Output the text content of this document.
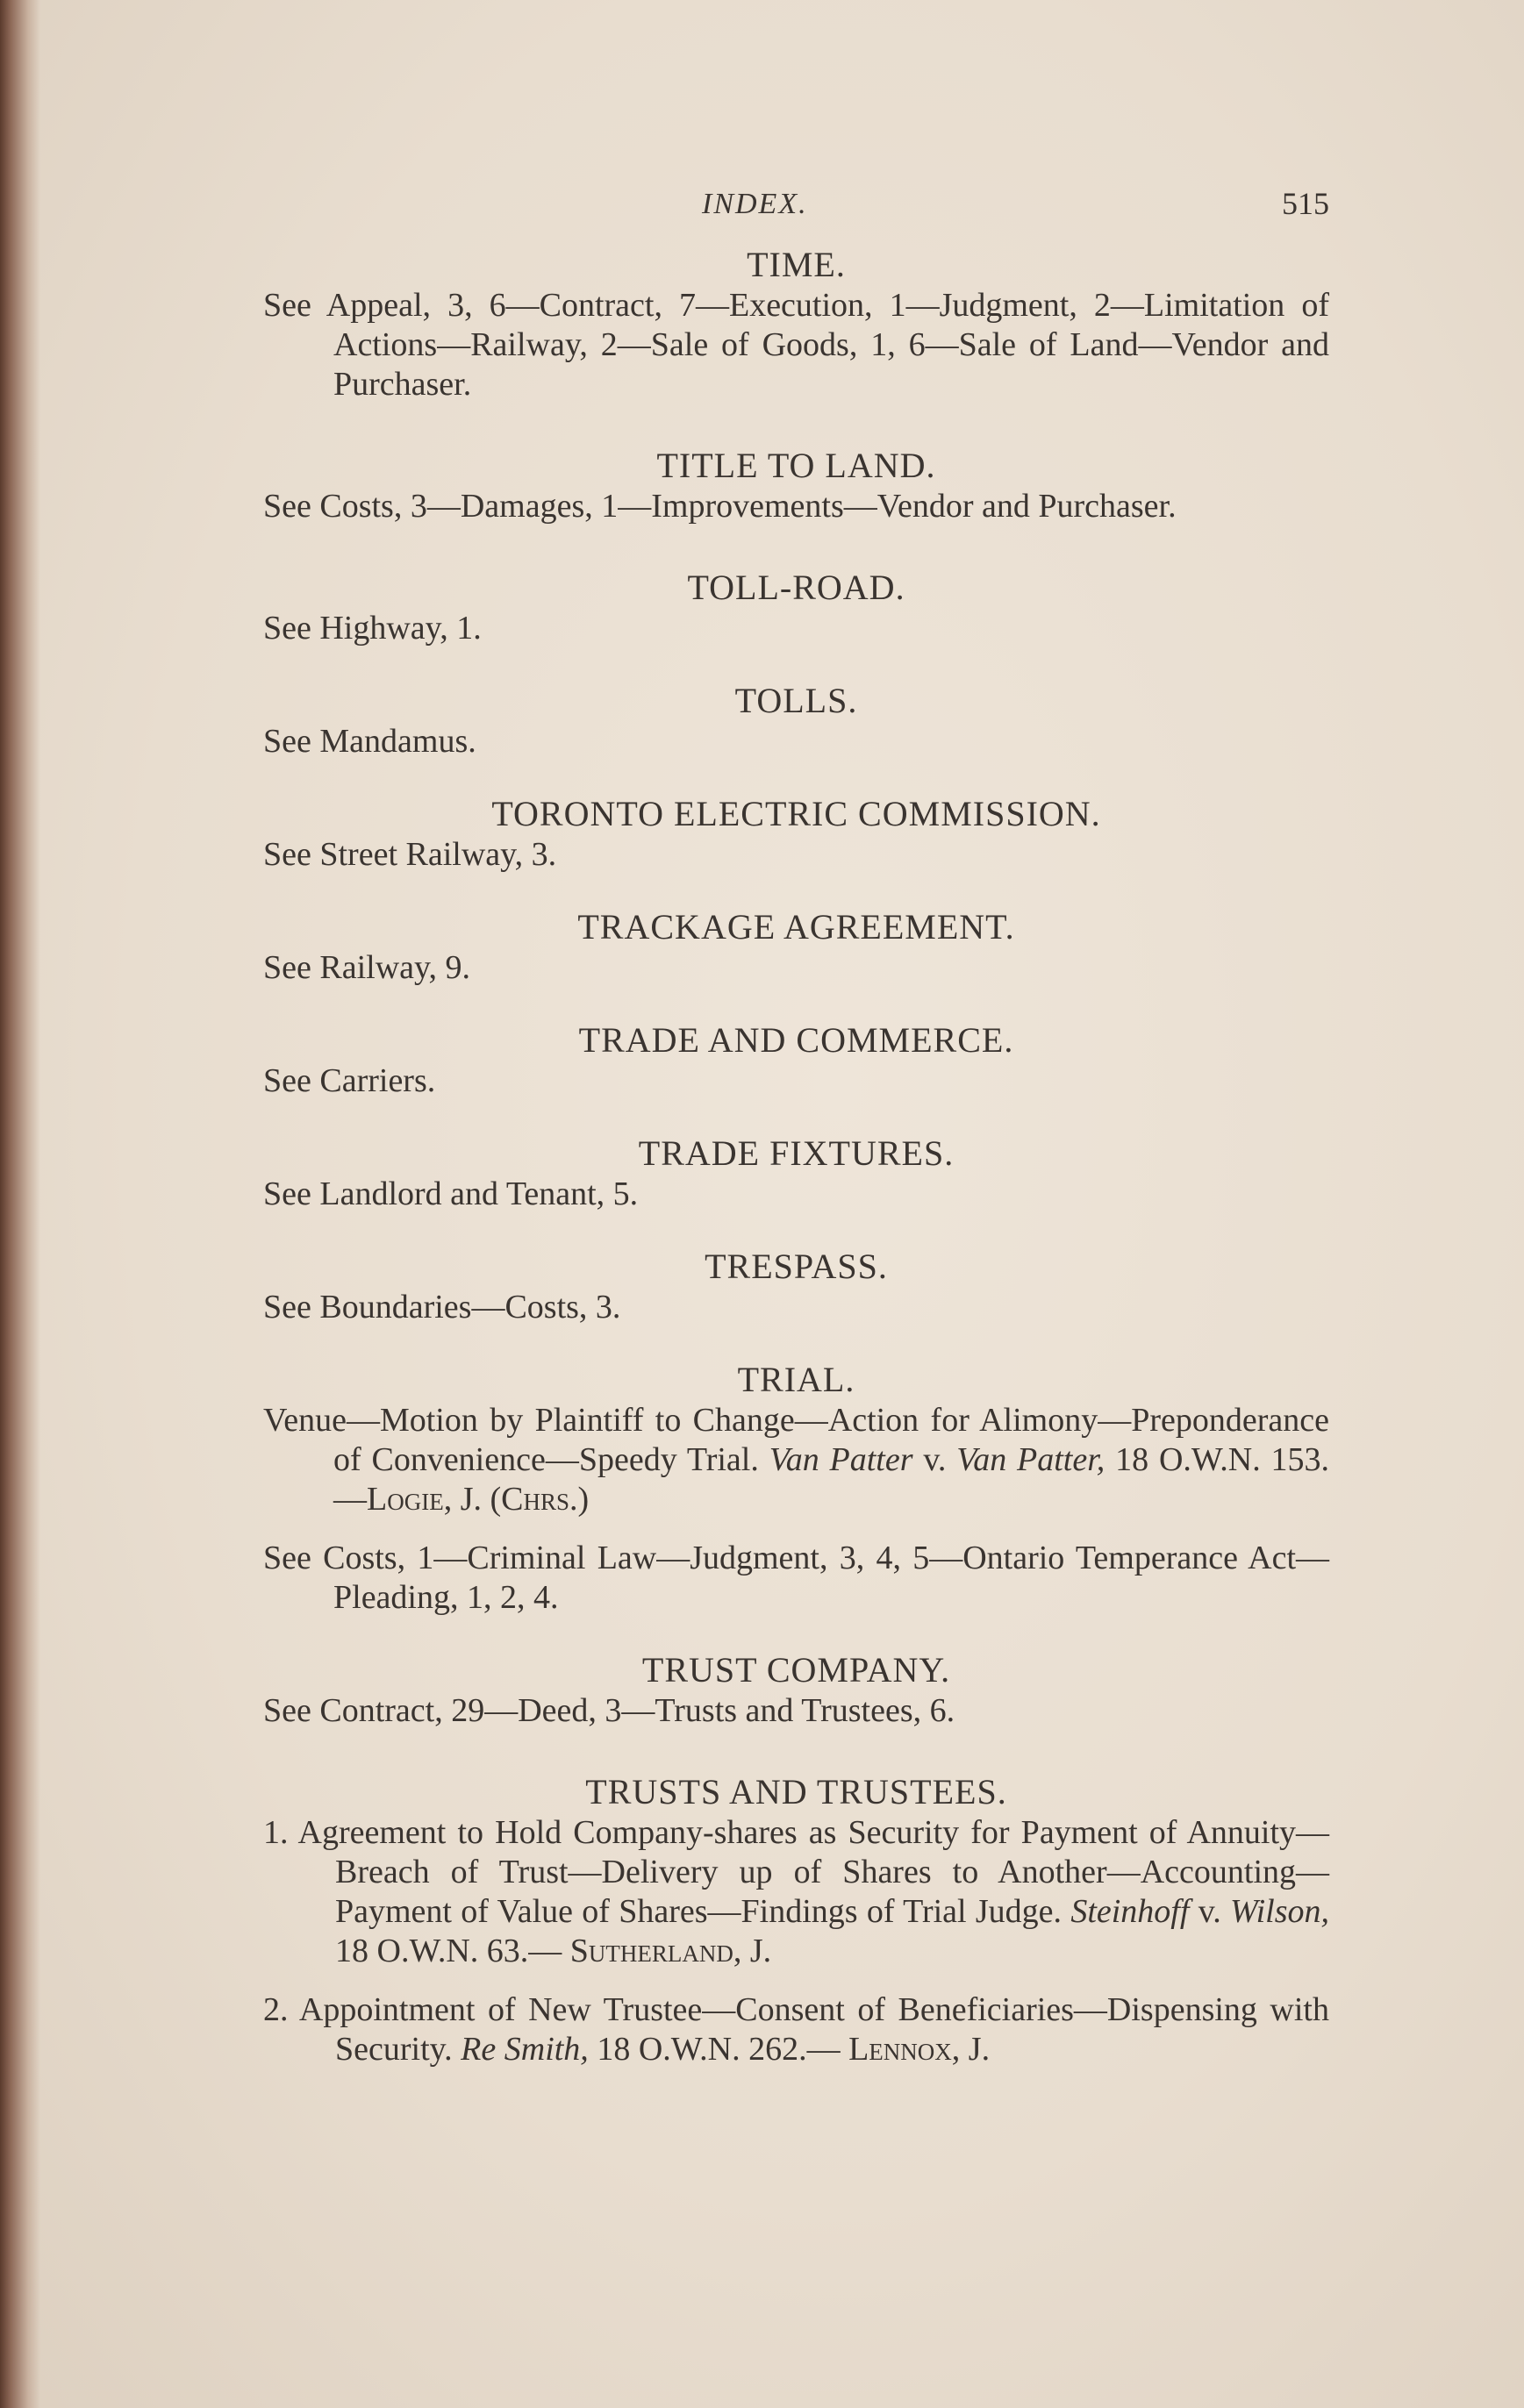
INDEX.	515

TIME.

See Appeal, 3, 6—Contract, 7—Execution, 1—Judgment, 2—Limitation of Actions—Railway, 2—Sale of Goods, 1, 6—Sale of Land—Vendor and Purchaser.

TITLE TO LAND.

See Costs, 3—Damages, 1—Improvements—Vendor and Purchaser.

TOLL-ROAD.

See Highway, 1.

TOLLS.

See Mandamus.

TORONTO ELECTRIC COMMISSION.

See Street Railway, 3.

TRACKAGE AGREEMENT.

See Railway, 9.

TRADE AND COMMERCE.

See Carriers.

TRADE FIXTURES.

See Landlord and Tenant, 5.

TRESPASS.

See Boundaries—Costs, 3.

TRIAL.

Venue—Motion by Plaintiff to Change—Action for Alimony—Preponderance of Convenience—Speedy Trial. Van Patter v. Van Patter, 18 O.W.N. 153.—Logie, J. (Chrs.)

See Costs, 1—Criminal Law—Judgment, 3, 4, 5—Ontario Temperance Act—Pleading, 1, 2, 4.

TRUST COMPANY.

See Contract, 29—Deed, 3—Trusts and Trustees, 6.

TRUSTS AND TRUSTEES.

1. Agreement to Hold Company-shares as Security for Payment of Annuity—Breach of Trust—Delivery up of Shares to Another—Accounting—Payment of Value of Shares—Findings of Trial Judge. Steinhoff v. Wilson, 18 O.W.N. 63.— Sutherland, J.

2. Appointment of New Trustee—Consent of Beneficiaries—Dispensing with Security. Re Smith, 18 O.W.N. 262.— Lennox, J.
